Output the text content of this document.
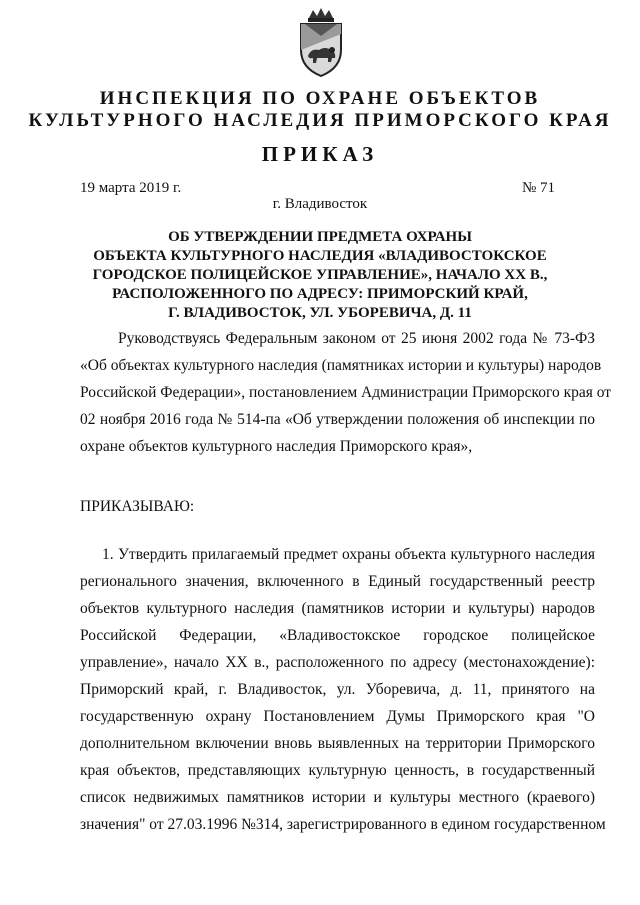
ИНСПЕКЦИЯ ПО ОХРАНЕ ОБЪЕКТОВ
КУЛЬТУРНОГО НАСЛЕДИЯ ПРИМОРСКОГО КРАЯ
ПРИКАЗ
19 марта 2019 г.	№ 71
г. Владивосток
ОБ УТВЕРЖДЕНИИ ПРЕДМЕТА ОХРАНЫ
ОБЪЕКТА КУЛЬТУРНОГО НАСЛЕДИЯ «ВЛАДИВОСТОКСКОЕ
ГОРОДСКОЕ ПОЛИЦЕЙСКОЕ УПРАВЛЕНИЕ», НАЧАЛО XX В.,
РАСПОЛОЖЕННОГО ПО АДРЕСУ: ПРИМОРСКИЙ КРАЙ,
Г. ВЛАДИВОСТОК, УЛ. УБОРЕВИЧА, Д. 11
Руководствуясь Федеральным законом от 25 июня 2002 года № 73-ФЗ
«Об объектах культурного наследия (памятниках истории и культуры) народов
Российской Федерации», постановлением Администрации Приморского края от
02 ноября 2016 года № 514-па «Об утверждении положения об инспекции по
охране объектов культурного наследия Приморского края»,
ПРИКАЗЫВАЮ:
1. Утвердить прилагаемый предмет охраны объекта культурного наследия
регионального значения, включенного в Единый государственный реестр
объектов культурного наследия (памятников истории и культуры) народов
Российской Федерации, «Владивостокское городское полицейское
управление», начало XX в., расположенного по адресу (местонахождение):
Приморский край, г. Владивосток, ул. Уборевича, д. 11, принятого на
государственную охрану Постановлением Думы Приморского края "О
дополнительном включении вновь выявленных на территории Приморского
края объектов, представляющих культурную ценность, в государственный
список недвижимых памятников истории и культуры местного (краевого)
значения" от 27.03.1996 №314, зарегистрированного в едином государственном
